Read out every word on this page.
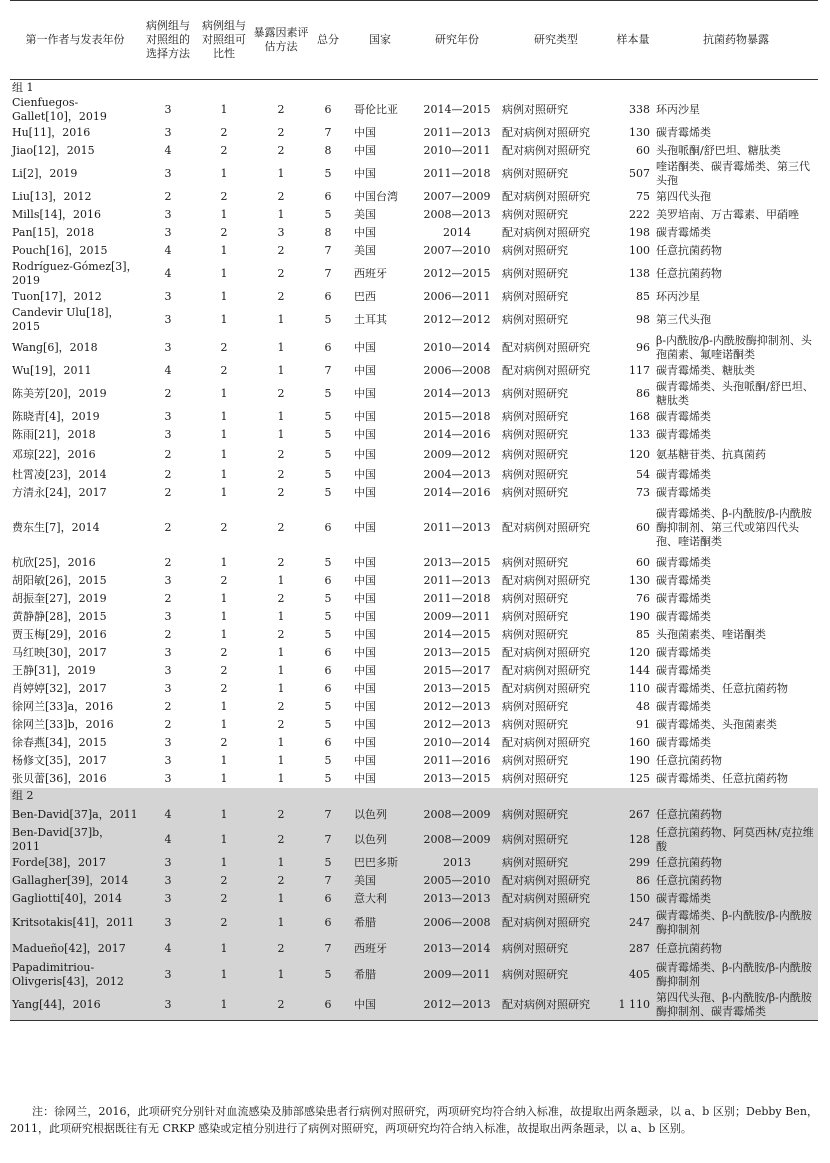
第一作者与发表年份	病例组与对照组的选择方法	病例组与对照组可比性	暴露因素评估方法	总分	国家	研究年份	研究类型	样本量	抗菌药物暴露
组 1									
Cienfuegos-Gallet[10]，2019	3	1	2	6	哥伦比亚	2014—2015	病例对照研究	338	环丙沙星
Hu[11]，2016	3	2	2	7	中国	2011—2013	配对病例对照研究	130	碳青霉烯类
Jiao[12]，2015	4	2	2	8	中国	2010—2011	配对病例对照研究	60	头孢哌酮/舒巴坦、糖肽类
Li[2]，2019	3	1	1	5	中国	2011—2018	病例对照研究	507	喹诺酮类、碳青霉烯类、第三代头孢
Liu[13]，2012	2	2	2	6	中国台湾	2007—2009	配对病例对照研究	75	第四代头孢
Mills[14]，2016	3	1	1	5	美国	2008—2013	病例对照研究	222	美罗培南、万古霉素、甲硝唑
Pan[15]，2018	3	2	3	8	中国	2014	配对病例对照研究	198	碳青霉烯类
Pouch[16]，2015	4	1	2	7	美国	2007—2010	病例对照研究	100	任意抗菌药物
Rodríguez-Gómez[3]，2019	4	1	2	7	西班牙	2012—2015	病例对照研究	138	任意抗菌药物
Tuon[17]，2012	3	1	2	6	巴西	2006—2011	病例对照研究	85	环丙沙星
Candevir Ulu[18]，2015	3	1	1	5	土耳其	2012—2012	病例对照研究	98	第三代头孢
Wang[6]，2018	3	2	1	6	中国	2010—2014	配对病例对照研究	96	β-内酰胺/β-内酰胺酶抑制剂、头孢菌素、氟喹诺酮类
Wu[19]，2011	4	2	1	7	中国	2006—2008	配对病例对照研究	117	碳青霉烯类、糖肽类
陈美芳[20]，2019	2	1	2	5	中国	2014—2013	病例对照研究	86	碳青霉烯类、头孢哌酮/舒巴坦、糖肽类
陈晓青[4]，2019	3	1	1	5	中国	2015—2018	病例对照研究	168	碳青霉烯类
陈雨[21]，2018	3	1	1	5	中国	2014—2016	病例对照研究	133	碳青霉烯类
邓琼[22]，2016	2	1	2	5	中国	2009—2012	病例对照研究	120	氨基糖苷类、抗真菌药
杜霄凌[23]，2014	2	1	2	5	中国	2004—2013	病例对照研究	54	碳青霉烯类
方清永[24]，2017	2	1	2	5	中国	2014—2016	病例对照研究	73	碳青霉烯类
费东生[7]，2014	2	2	2	6	中国	2011—2013	配对病例对照研究	60	碳青霉烯类、β-内酰胺/β-内酰胺酶抑制剂、第三代或第四代头孢、喹诺酮类
杭欣[25]，2016	2	1	2	5	中国	2013—2015	病例对照研究	60	碳青霉烯类
胡阳敏[26]，2015	3	2	1	6	中国	2011—2013	配对病例对照研究	130	碳青霉烯类
胡振奎[27]，2019	2	1	2	5	中国	2011—2018	病例对照研究	76	碳青霉烯类
黄静静[28]，2015	3	1	1	5	中国	2009—2011	病例对照研究	190	碳青霉烯类
贾玉梅[29]，2016	2	1	2	5	中国	2014—2015	病例对照研究	85	头孢菌素类、喹诺酮类
马红映[30]，2017	3	2	1	6	中国	2013—2015	配对病例对照研究	120	碳青霉烯类
王静[31]，2019	3	2	1	6	中国	2015—2017	配对病例对照研究	144	碳青霉烯类
肖婷婷[32]，2017	3	2	1	6	中国	2013—2015	配对病例对照研究	110	碳青霉烯类、任意抗菌药物
徐网兰[33]a，2016	2	1	2	5	中国	2012—2013	病例对照研究	48	碳青霉烯类
徐网兰[33]b，2016	2	1	2	5	中国	2012—2013	病例对照研究	91	碳青霉烯类、头孢菌素类
徐春燕[34]，2015	3	2	1	6	中国	2010—2014	配对病例对照研究	160	碳青霉烯类
杨修文[35]，2017	3	1	1	5	中国	2011—2016	病例对照研究	190	任意抗菌药物
张贝蕾[36]，2016	3	1	1	5	中国	2013—2015	病例对照研究	125	碳青霉烯类、任意抗菌药物
组 2									
Ben-David[37]a，2011	4	1	2	7	以色列	2008—2009	病例对照研究	267	任意抗菌药物
Ben-David[37]b，2011	4	1	2	7	以色列	2008—2009	病例对照研究	128	任意抗菌药物、阿莫西林/克拉维酸
Forde[38]，2017	3	1	1	5	巴巴多斯	2013	病例对照研究	299	任意抗菌药物
Gallagher[39]，2014	3	2	2	7	美国	2005—2010	配对病例对照研究	86	任意抗菌药物
Gagliotti[40]，2014	3	2	1	6	意大利	2013—2013	配对病例对照研究	150	碳青霉烯类
Kritsotakis[41]，2011	3	2	1	6	希腊	2006—2008	配对病例对照研究	247	碳青霉烯类、β-内酰胺/β-内酰胺酶抑制剂
Madueño[42]，2017	4	1	2	7	西班牙	2013—2014	病例对照研究	287	任意抗菌药物
Papadimitriou-Olivgeris[43]，2012	3	1	1	5	希腊	2009—2011	病例对照研究	405	碳青霉烯类、β-内酰胺/β-内酰胺酶抑制剂
Yang[44]，2016	3	1	2	6	中国	2012—2013	配对病例对照研究	1 110	第四代头孢、β-内酰胺/β-内酰胺酶抑制剂、碳青霉烯类
注：徐网兰，2016，此项研究分别针对血流感染及肺部感染患者行病例对照研究，两项研究均符合纳入标准，故提取出两条题录，以 a、b 区别；Debby Ben，2011，此项研究根据既往有无 CRKP 感染或定植分别进行了病例对照研究，两项研究均符合纳入标准，故提取出两条题录，以 a、b 区别。
